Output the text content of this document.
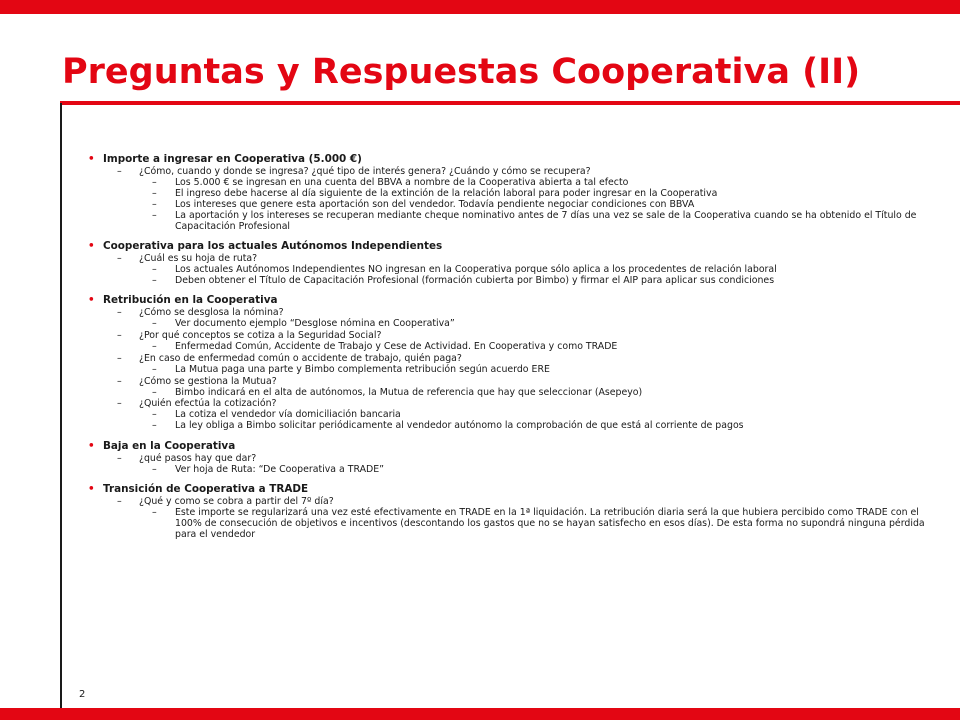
Preguntas y Respuestas Cooperativa (II)
• Importe a ingresar en Cooperativa (5.000 €)
– ¿Cómo, cuando y donde se ingresa? ¿qué tipo de interés genera? ¿Cuándo y cómo se recupera?
– Los 5.000 € se ingresan en una cuenta del BBVA a nombre de la Cooperativa abierta a tal efecto
– El ingreso debe hacerse al día siguiente de la extinción de la relación laboral para poder ingresar en la Cooperativa
– Los intereses que genere esta aportación son del vendedor. Todavía pendiente negociar condiciones con BBVA
– La aportación y los intereses se recuperan mediante cheque nominativo antes de 7 días una vez se sale de la Cooperativa cuando se ha obtenido el Título de Capacitación Profesional
• Cooperativa para los actuales Autónomos Independientes
– ¿Cuál es su hoja de ruta?
– Los actuales Autónomos Independientes NO ingresan en la Cooperativa porque sólo aplica a los procedentes de relación laboral
– Deben obtener el Título de Capacitación Profesional (formación cubierta por Bimbo) y firmar el AIP para aplicar sus condiciones
• Retribución en la Cooperativa
– ¿Cómo se desglosa la nómina?
– Ver documento ejemplo “Desglose nómina en Cooperativa”
– ¿Por qué conceptos se cotiza a la Seguridad Social?
– Enfermedad Común, Accidente de Trabajo y Cese de Actividad. En Cooperativa y como TRADE
– ¿En caso de enfermedad común o accidente de trabajo, quién paga?
– La Mutua paga una parte y Bimbo complementa retribución según acuerdo ERE
– ¿Cómo se gestiona la Mutua?
– Bimbo indicará en el alta de autónomos, la Mutua de referencia que hay que seleccionar (Asepeyo)
– ¿Quién efectúa la cotización?
– La cotiza el vendedor vía domiciliación bancaria
– La ley obliga a Bimbo solicitar periódicamente al vendedor autónomo la comprobación de que está al corriente de pagos
• Baja en la Cooperativa
– ¿qué pasos hay que dar?
– Ver hoja de Ruta: “De Cooperativa a TRADE”
• Transición de Cooperativa a TRADE
– ¿Qué y como se cobra a partir del 7º día?
– Este importe se regularizará una vez esté efectivamente en TRADE en la 1ª liquidación. La retribución diaria será la que hubiera percibido como TRADE con el 100% de consecución de objetivos e incentivos (descontando los gastos que no se hayan satisfecho en esos días). De esta forma no supondrá ninguna pérdida para el vendedor
2
